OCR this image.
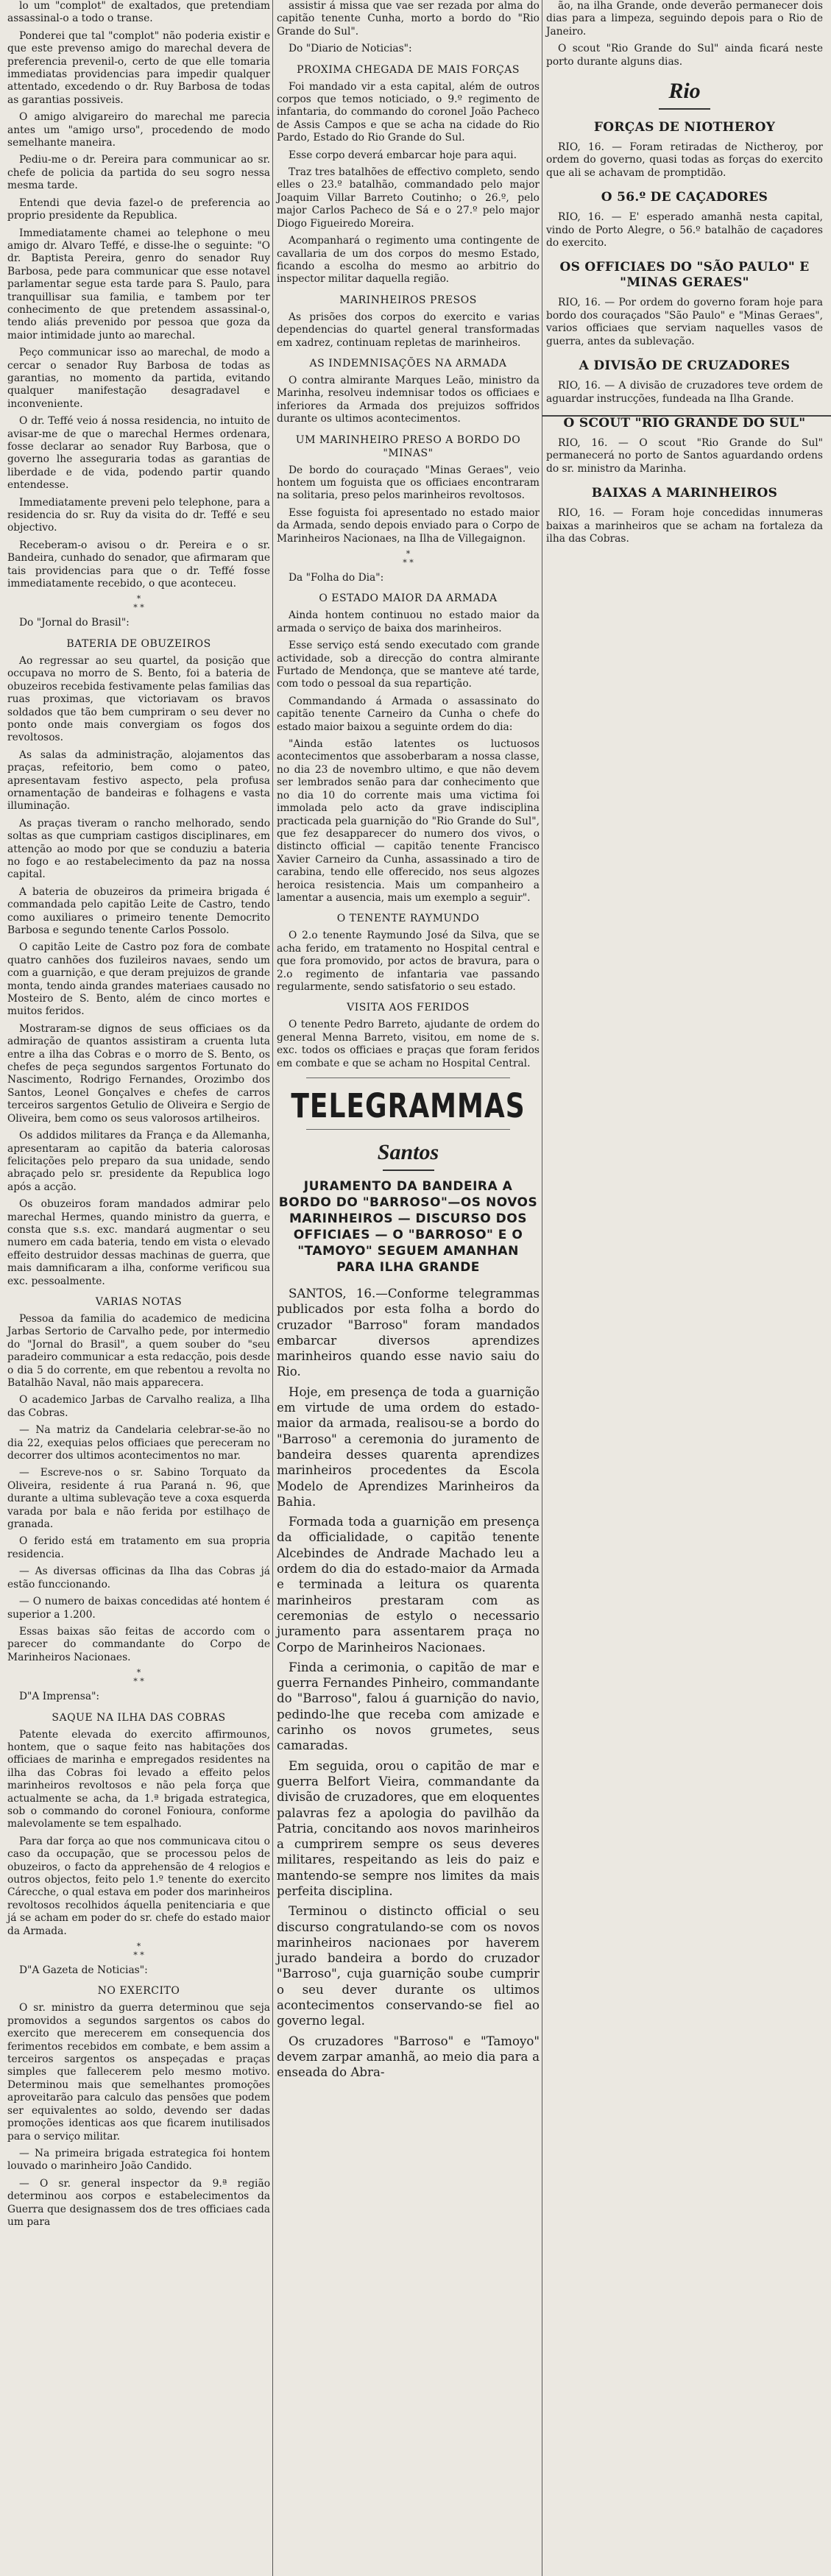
lo um "complot" de exaltados, que pretendiam assassinal-o a todo o transe.

Ponderei que tal "complot" não poderia existir e que este prevenso amigo do marechal devera de preferencia prevenil-o, certo de que elle tomaria immediatas providencias para impedir qualquer attentado, excedendo o dr. Ruy Barbosa de todas as garantias possiveis.

O amigo alvigareiro do marechal me parecia antes um "amigo urso", procedendo de modo semelhante maneira.

Pediu-me o dr. Pereira para communicar ao sr. chefe de policia da partida do seu sogro nessa mesma tarde.

Entendi que devia fazel-o de preferencia ao proprio presidente da Republica.

Immediatamente chamei ao telephone o meu amigo dr. Alvaro Teffé, e disse-lhe o seguinte: "O dr. Baptista Pereira, genro do senador Ruy Barbosa, pede para communicar que esse notavel parlamentar segue esta tarde para S. Paulo, para tranquillisar sua familia, e tambem por ter conhecimento de que pretendem assassinal-o, tendo aliás prevenido por pessoa que goza da maior intimidade junto ao marechal.

Peço communicar isso ao marechal, de modo a cercar o senador Ruy Barbosa de todas as garantias, no momento da partida, evitando qualquer manifestação desagradavel e inconveniente.

O dr. Teffé veio á nossa residencia, no intuito de avisar-me de que o marechal Hermes ordenara, fosse declarar ao senador Ruy Barbosa, que o governo lhe asseguraria todas as garantias de liberdade e de vida, podendo partir quando entendesse.

Immediatamente preveni pelo telephone, para a residencia do sr. Ruy da visita do dr. Teffé e seu objectivo.

Receberam-o avisou o dr. Pereira e o sr. Bandeira, cunhado do senador, que afirmaram que tais providencias para que o dr. Teffé fosse immediatamente recebido, o que aconteceu.

*
* *

Do "Jornal do Brasil":

BATERIA DE OBUZEIROS

Ao regressar ao seu quartel, da posição que occupava no morro de S. Bento, foi a bateria de obuzeiros recebida festivamente pelas familias das ruas proximas, que victoriavam os bravos soldados que tão bem cumpriram o seu dever no ponto onde mais convergiam os fogos dos revoltosos.

As salas da administração, alojamentos das praças, refeitorio, bem como o pateo, apresentavam festivo aspecto, pela profusa ornamentação de bandeiras e folhagens e vasta illuminação.

As praças tiveram o rancho melhorado, sendo soltas as que cumpriam castigos disciplinares, em attenção ao modo por que se conduziu a bateria no fogo e ao restabelecimento da paz na nossa capital.

A bateria de obuzeiros da primeira brigada é commandada pelo capitão Leite de Castro, tendo como auxiliares o primeiro tenente Democrito Barbosa e segundo tenente Carlos Possolo.

O capitão Leite de Castro poz fora de combate quatro canhões dos fuzileiros navaes, sendo um com a guarnição, e que deram prejuizos de grande monta, tendo ainda grandes materiaes causado no Mosteiro de S. Bento, além de cinco mortes e muitos feridos.

Mostraram-se dignos de seus officiaes os da admiração de quantos assistiram a cruenta luta entre a ilha das Cobras e o morro de S. Bento, os chefes de peça segundos sargentos Fortunato do Nascimento, Rodrigo Fernandes, Orozimbo dos Santos, Leonel Gonçalves e chefes de carros terceiros sargentos Getulio de Oliveira e Sergio de Oliveira, bem como os seus valorosos artilheiros.

Os addidos militares da França e da Allemanha, apresentaram ao capitão da bateria calorosas felicitações pelo preparo da sua unidade, sendo abraçado pelo sr. presidente da Republica logo após a acção.

Os obuzeiros foram mandados admirar pelo marechal Hermes, quando ministro da guerra, e consta que s.s. exc. mandará augmentar o seu numero em cada bateria, tendo em vista o elevado effeito destruidor dessas machinas de guerra, que mais damnificaram a ilha, conforme verificou sua exc. pessoalmente.

VARIAS NOTAS

Pessoa da familia do academico de medicina Jarbas Sertorio de Carvalho pede, por intermedio do "Jornal do Brasil", a quem souber do "seu paradeiro communicar a esta redacção, pois desde o dia 5 do corrente, em que rebentou a revolta no Batalhão Naval, não mais apparecera.

O academico Jarbas de Carvalho realiza, a Ilha das Cobras.

— Na matriz da Candelaria celebrar-se-ão no dia 22, exequias pelos officiaes que pereceram no decorrer dos ultimos acontecimentos no mar.

— Escreve-nos o sr. Sabino Torquato da Oliveira, residente á rua Paraná n. 96, que durante a ultima sublevação teve a coxa esquerda varada por bala e não ferida por estilhaço de granada.

O ferido está em tratamento em sua propria residencia.

— As diversas officinas da Ilha das Cobras já estão funccionando.

— O numero de baixas concedidas até hontem é superior a 1.200.

Essas baixas são feitas de accordo com o parecer do commandante do Corpo de Marinheiros Nacionaes.

*
* *

D"A Imprensa":

SAQUE NA ILHA DAS COBRAS

Patente elevada do exercito affirmounos, hontem, que o saque feito nas habitações dos officiaes de marinha e empregados residentes na ilha das Cobras foi levado a effeito pelos marinheiros revoltosos e não pela força que actualmente se acha, da 1.ª brigada estrategica, sob o commando do coronel Fonioura, conforme malevolamente se tem espalhado.

Para dar força ao que nos communicava citou o caso da occupação, que se processou pelos de obuzeiros, o facto da apprehensão de 4 relogios e outros objectos, feito pelo 1.º tenente do exercito Cárecche, o qual estava em poder dos marinheiros revoltosos recolhidos áquella penitenciaria e que já se acham em poder do sr. chefe do estado maior da Armada.

*
* *

D"A Gazeta de Noticias":

NO EXERCITO

O sr. ministro da guerra determinou que seja promovidos a segundos sargentos os cabos do exercito que merecerem em consequencia dos ferimentos recebidos em combate, e bem assim a terceiros sargentos os anspeçadas e praças simples que fallecerem pelo mesmo motivo. Determinou mais que semelhantes promoções aproveitarão para calculo das pensões que podem ser equivalentes ao soldo, devendo ser dadas promoções identicas aos que ficarem inutilisados para o serviço militar.

— Na primeira brigada estrategica foi hontem louvado o marinheiro João Candido.

— O sr. general inspector da 9.ª região determinou aos corpos e estabelecimentos da Guerra que designassem dos de tres officiaes cada um para

assistir á missa que vae ser rezada por alma do capitão tenente Cunha, morto a bordo do "Rio Grande do Sul".

Do "Diario de Noticias":

PROXIMA CHEGADA DE MAIS FORÇAS

Foi mandado vir a esta capital, além de outros corpos que temos noticiado, o 9.º regimento de infantaria, do commando do coronel João Pacheco de Assis Campos e que se acha na cidade do Rio Pardo, Estado do Rio Grande do Sul.

Esse corpo deverá embarcar hoje para aqui.

Traz tres batalhões de effectivo completo, sendo elles o 23.º batalhão, commandado pelo major Joaquim Villar Barreto Coutinho; o 26.º, pelo major Carlos Pacheco de Sá e o 27.º pelo major Diogo Figueiredo Moreira.

Acompanhará o regimento uma contingente de cavallaria de um dos corpos do mesmo Estado, ficando a escolha do mesmo ao arbitrio do inspector militar daquella região.

MARINHEIROS PRESOS

As prisões dos corpos do exercito e varias dependencias do quartel general transformadas em xadrez, continuam repletas de marinheiros.

AS INDEMNISAÇÕES NA ARMADA

O contra almirante Marques Leão, ministro da Marinha, resolveu indemnisar todos os officiaes e inferiores da Armada dos prejuizos soffridos durante os ultimos acontecimentos.

UM MARINHEIRO PRESO A BORDO DO "MINAS"

De bordo do couraçado "Minas Geraes", veio hontem um foguista que os officiaes encontraram na solitaria, preso pelos marinheiros revoltosos.

Esse foguista foi apresentado no estado maior da Armada, sendo depois enviado para o Corpo de Marinheiros Nacionaes, na Ilha de Villegaignon.

*
* *

Da "Folha do Dia":

O ESTADO MAIOR DA ARMADA

Ainda hontem continuou no estado maior da armada o serviço de baixa dos marinheiros.

Esse serviço está sendo executado com grande actividade, sob a direcção do contra almirante Furtado de Mendonça, que se manteve até tarde, com todo o pessoal da sua repartição.

Commandando á Armada o assassinato do capitão tenente Carneiro da Cunha o chefe do estado maior baixou a seguinte ordem do dia:

"Ainda estão latentes os luctuosos acontecimentos que assoberbaram a nossa classe, no dia 23 de novembro ultimo, e que não devem ser lembrados senão para dar conhecimento que no dia 10 do corrente mais uma victima foi immolada pelo acto da grave indisciplina practicada pela guarnição do "Rio Grande do Sul", que fez desapparecer do numero dos vivos, o distincto official — capitão tenente Francisco Xavier Carneiro da Cunha, assassinado a tiro de carabina, tendo elle offerecido, nos seus algozes heroica resistencia. Mais um companheiro a lamentar a ausencia, mais um exemplo a seguir".

O TENENTE RAYMUNDO

O 2.o tenente Raymundo José da Silva, que se acha ferido, em tratamento no Hospital central e que fora promovido, por actos de bravura, para o 2.o regimento de infantaria vae passando regularmente, sendo satisfatorio o seu estado.

VISITA AOS FERIDOS

O tenente Pedro Barreto, ajudante de ordem do general Menna Barreto, visitou, em nome de s. exc. todos os officiaes e praças que foram feridos em combate e que se acham no Hospital Central.

TELEGRAMMAS
Santos
JURAMENTO DA BANDEIRA A BORDO DO "BARROSO"—OS NOVOS MARINHEIROS — DISCURSO DOS OFFICIAES — O "BARROSO" E O "TAMOYO" SEGUEM AMANHAN PARA ILHA GRANDE

SANTOS, 16.—Conforme telegrammas publicados por esta folha a bordo do cruzador "Barroso" foram mandados embarcar diversos aprendizes marinheiros quando esse navio saiu do Rio.

Hoje, em presença de toda a guarnição em virtude de uma ordem do estado-maior da armada, realisou-se a bordo do "Barroso" a ceremonia do juramento de bandeira desses quarenta aprendizes marinheiros procedentes da Escola Modelo de Aprendizes Marinheiros da Bahia.

Formada toda a guarnição em presença da officialidade, o capitão tenente Alcebindes de Andrade Machado leu a ordem do dia do estado-maior da Armada e terminada a leitura os quarenta marinheiros prestaram com as ceremonias de estylo o necessario juramento para assentarem praça no Corpo de Marinheiros Nacionaes.

Finda a cerimonia, o capitão de mar e guerra Fernandes Pinheiro, commandante do "Barroso", falou á guarnição do navio, pedindo-lhe que receba com amizade e carinho os novos grumetes, seus camaradas.

Em seguida, orou o capitão de mar e guerra Belfort Vieira, commandante da divisão de cruzadores, que em eloquentes palavras fez a apologia do pavilhão da Patria, concitando aos novos marinheiros a cumprirem sempre os seus deveres militares, respeitando as leis do paiz e mantendo-se sempre nos limites da mais perfeita disciplina.

Terminou o distincto official o seu discurso congratulando-se com os novos marinheiros nacionaes por haverem jurado bandeira a bordo do cruzador "Barroso", cuja guarnição soube cumprir o seu dever durante os ultimos acontecimentos conservando-se fiel ao governo legal.

Os cruzadores "Barroso" e "Tamoyo" devem zarpar amanhã, ao meio dia para a enseada do Abra-

ão, na ilha Grande, onde deverão permanecer dois dias para a limpeza, seguindo depois para o Rio de Janeiro.

O scout "Rio Grande do Sul" ainda ficará neste porto durante alguns dias.

Rio
FORÇAS DE NIOTHEROY

RIO, 16. — Foram retiradas de Nictheroy, por ordem do governo, quasi todas as forças do exercito que ali se achavam de promptidão.

O 56.º DE CAÇADORES

RIO, 16. — E' esperado amanhã nesta capital, vindo de Porto Alegre, o 56.º batalhão de caçadores do exercito.

OS OFFICIAES DO "SÃO PAULO" E "MINAS GERAES"

RIO, 16. — Por ordem do governo foram hoje para bordo dos couraçados "São Paulo" e "Minas Geraes", varios officiaes que serviam naquelles vasos de guerra, antes da sublevação.

A DIVISÃO DE CRUZADORES

RIO, 16. — A divisão de cruzadores teve ordem de aguardar instrucções, fundeada na Ilha Grande.

O SCOUT "RIO GRANDE DO SUL"

RIO, 16. — O scout "Rio Grande do Sul" permanecerá no porto de Santos aguardando ordens do sr. ministro da Marinha.

BAIXAS A MARINHEIROS

RIO, 16. — Foram hoje concedidas innumeras baixas a marinheiros que se acham na fortaleza da ilha das Cobras.
